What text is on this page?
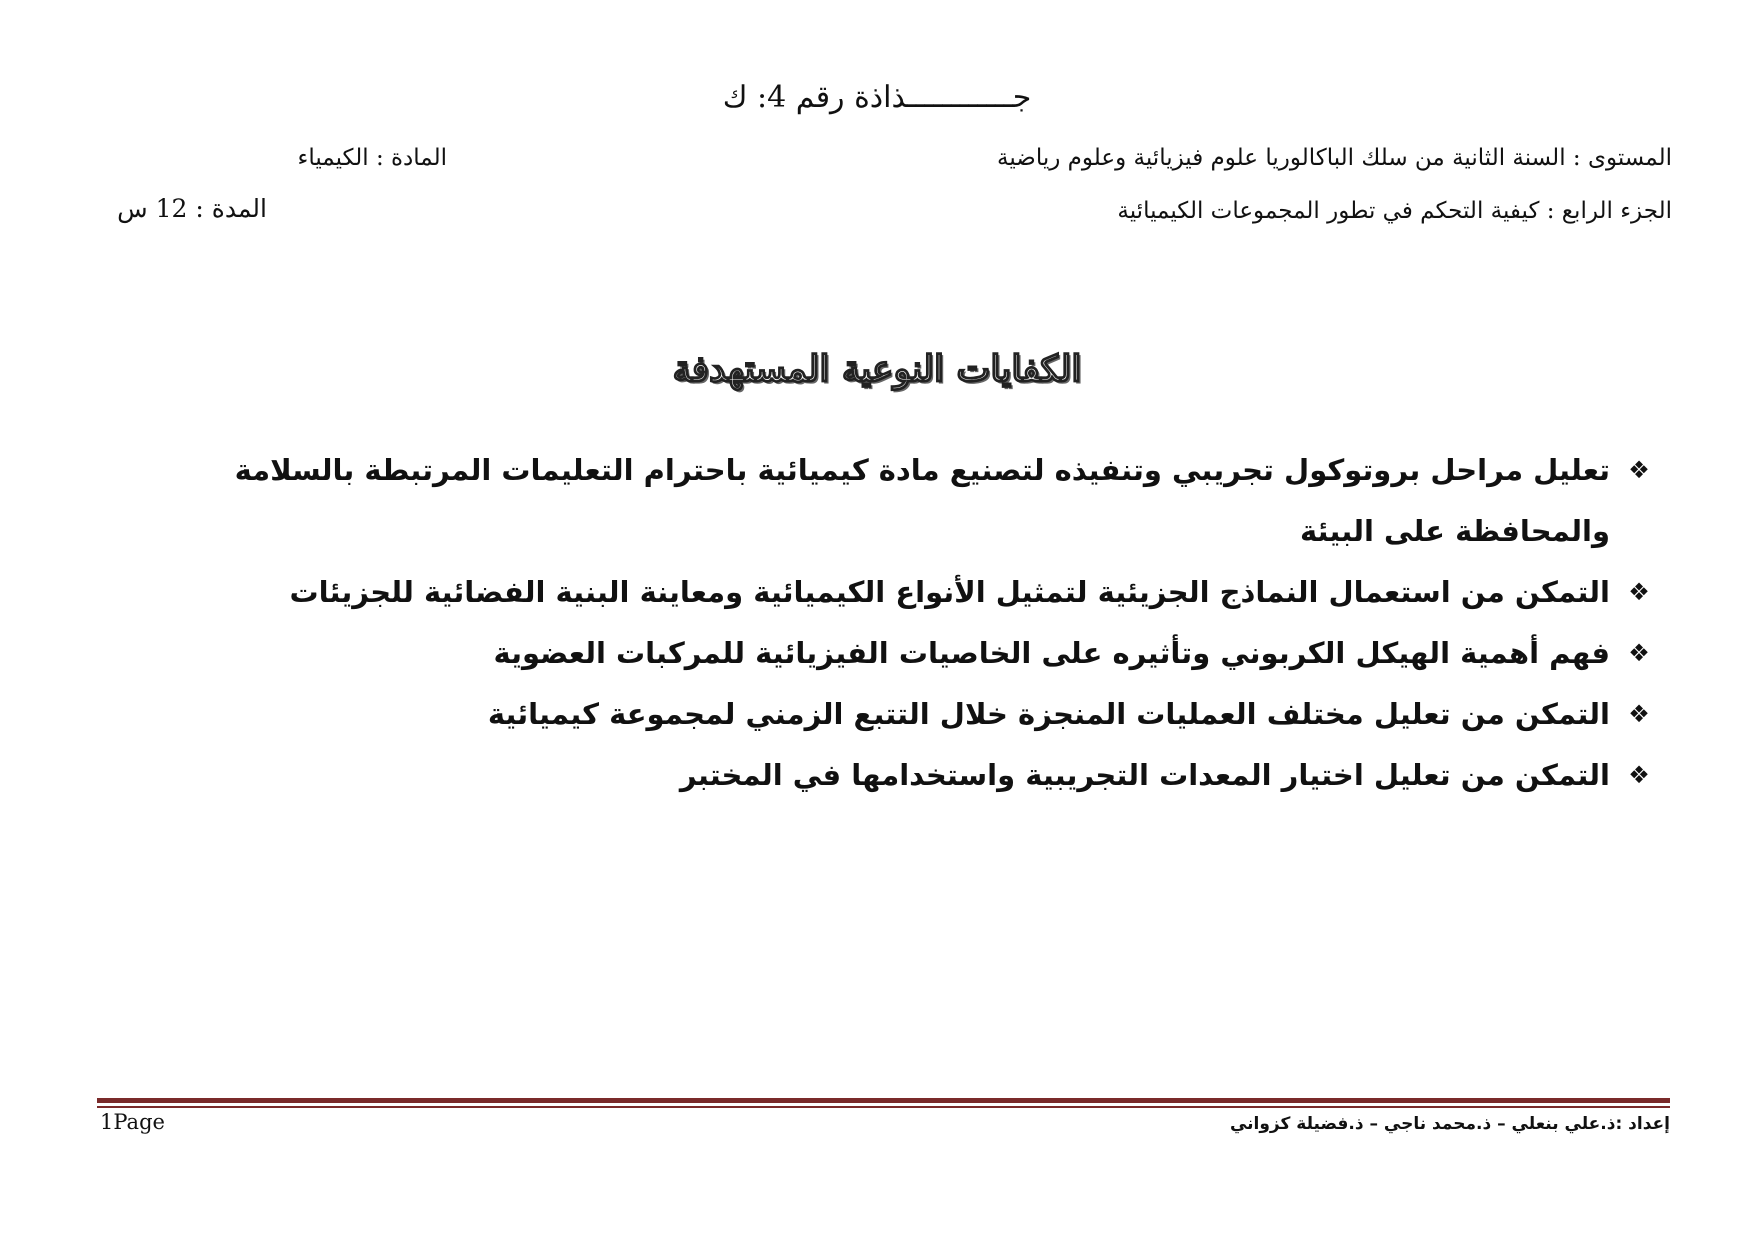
جــــــــــــذاذة رقم 4: ك
المستوى : السنة الثانية من سلك الباكالوريا علوم فيزيائية وعلوم رياضية
المادة : الكيمياء
الجزء الرابع : كيفية التحكم في تطور المجموعات الكيميائية
المدة : 12 س
الكفايات النوعية المستهدفة
❖
تعليل مراحل بروتوكول تجريبي وتنفيذه لتصنيع مادة كيميائية باحترام التعليمات المرتبطة بالسلامة والمحافظة على البيئة
❖
التمكن من استعمال النماذج الجزيئية لتمثيل الأنواع الكيميائية ومعاينة البنية الفضائية للجزيئات
❖
فهم أهمية الهيكل الكربوني وتأثيره على الخاصيات الفيزيائية للمركبات العضوية
❖
التمكن من تعليل مختلف العمليات المنجزة خلال التتبع الزمني لمجموعة كيميائية
❖
التمكن من تعليل اختيار المعدات التجريبية واستخدامها في المختبر
إعداد :ذ.علي بنعلي – ذ.محمد ناجي – ذ.فضيلة كزواني
1Page
